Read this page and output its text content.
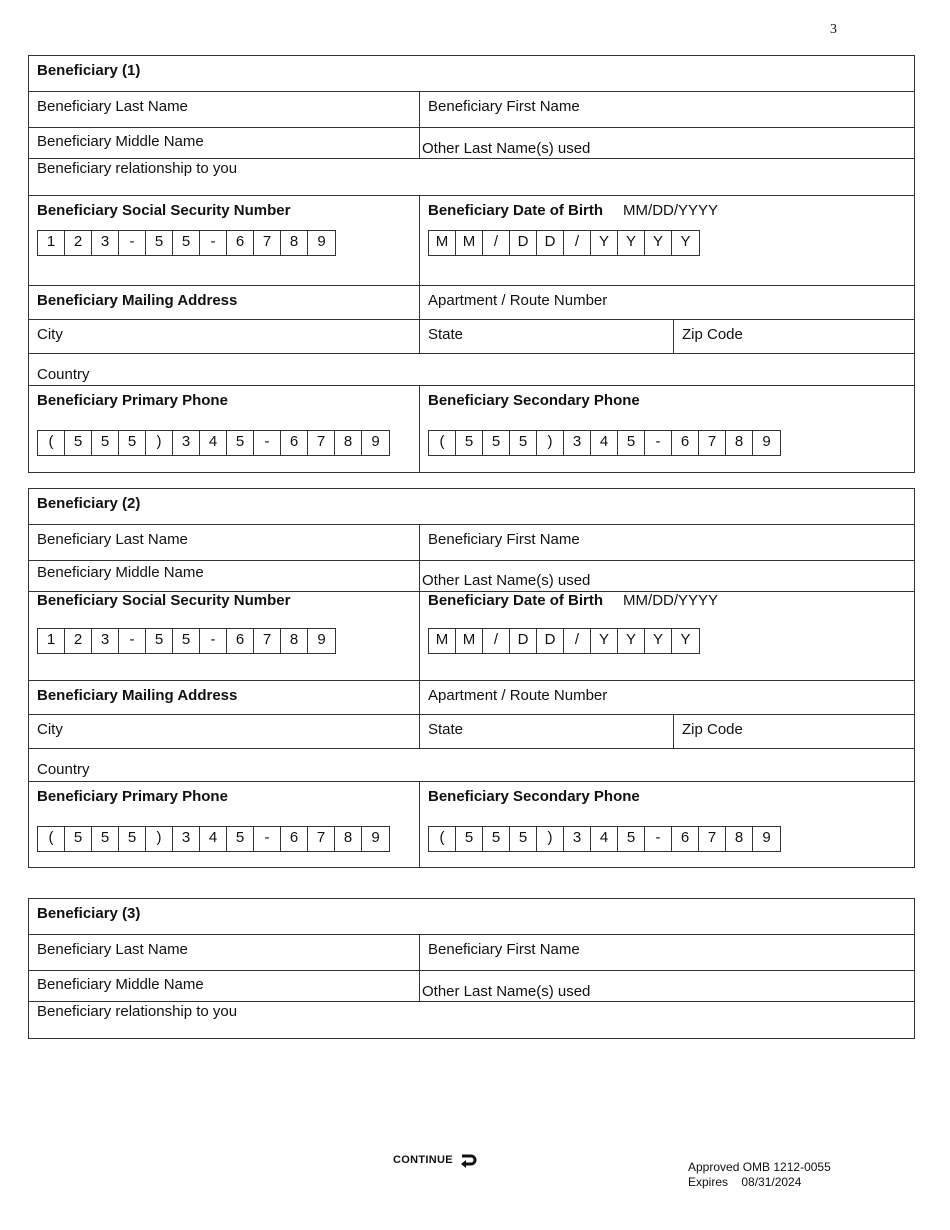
3
Beneficiary (1)
Beneficiary Last Name	Beneficiary First Name
Beneficiary Middle Name	Other Last Name(s) used
Beneficiary relationship to you
Beneficiary Social Security Number
1	2	3	-	5	5	-	6	7	8	9
Beneficiary Date of Birth MM/DD/YYYY
M M	/	D	D	/	Y	Y	Y	Y
Beneficiary Mailing Address	Apartment / Route Number
City	State	Zip Code
Country
Beneficiary Primary Phone
(	5	5	5	)	3	4	5	-	6	7	8	9
Beneficiary Secondary Phone
(	5	5	5	)	3	4	5	-	6	7	8	9
Beneficiary (2)
Beneficiary Last Name	Beneficiary First Name
Beneficiary Middle Name	Other Last Name(s) used
Beneficiary Social Security Number
1	2	3	-	5	5	-	6	7	8	9
Beneficiary Date of Birth MM/DD/YYYY
M M	/	D	D	/	Y	Y	Y	Y
Beneficiary Mailing Address	Apartment / Route Number
City	State	Zip Code
Country
Beneficiary Primary Phone
(	5	5	5	)	3	4	5	-	6	7	8	9
Beneficiary Secondary Phone
(	5	5	5	)	3	4	5	-	6	7	8	9
Beneficiary (3)
Beneficiary Last Name	Beneficiary First Name
Beneficiary Middle Name	Other Last Name(s) used
Beneficiary relationship to you
CONTINUE	Approved OMB 1212-0055
Expires    08/31/2024
